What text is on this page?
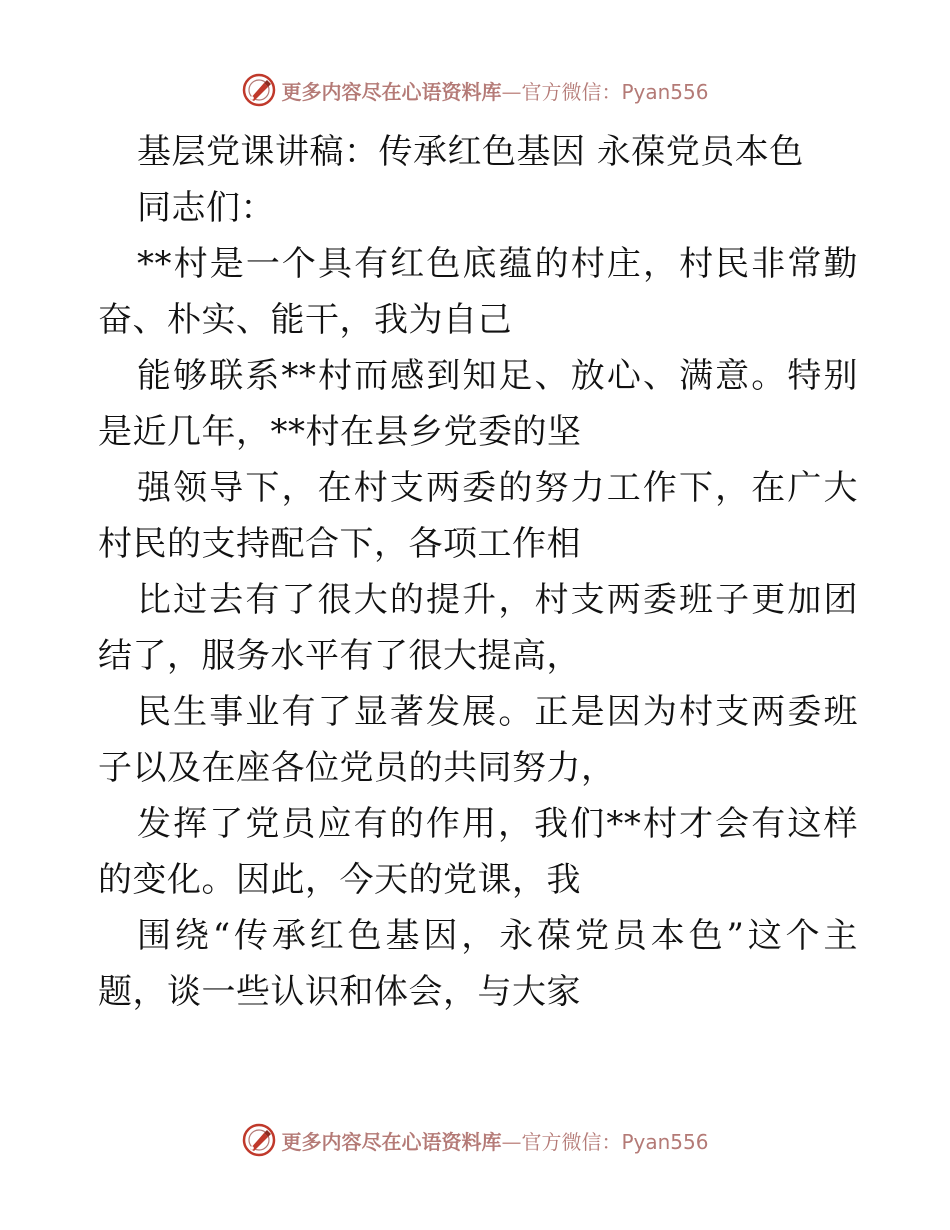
更多内容尽在心语资料库—官方微信：Pyan556

基层党课讲稿：传承红色基因 永葆党员本色

同志们：

**村是一个具有红色底蕴的村庄，村民非常勤奋、朴实、能干，我为自己

能够联系**村而感到知足、放心、满意。特别是近几年，**村在县乡党委的坚

强领导下，在村支两委的努力工作下，在广大村民的支持配合下，各项工作相

比过去有了很大的提升，村支两委班子更加团结了，服务水平有了很大提高，

民生事业有了显著发展。正是因为村支两委班子以及在座各位党员的共同努力，

发挥了党员应有的作用，我们**村才会有这样的变化。因此，今天的党课，我

围绕“传承红色基因，永葆党员本色”这个主题，谈一些认识和体会，与大家

更多内容尽在心语资料库—官方微信：Pyan556
